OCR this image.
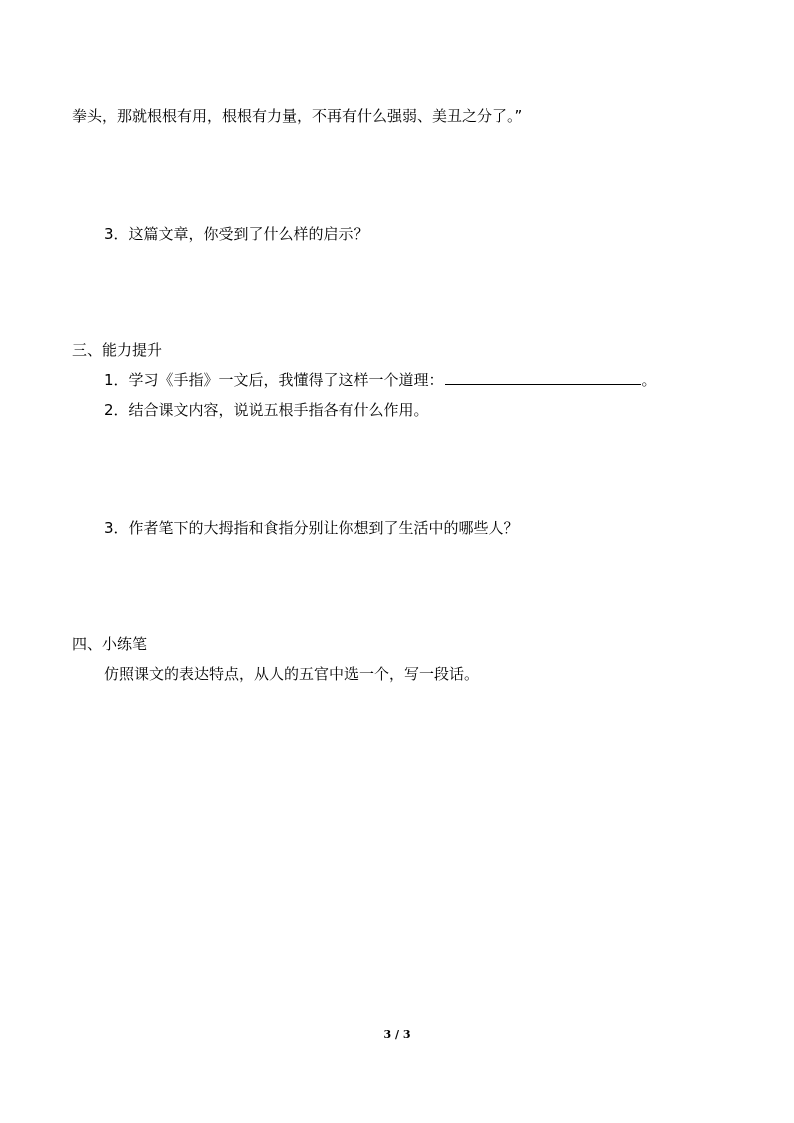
拳头，那就根根有用，根根有力量，不再有什么强弱、美丑之分了。”
3．这篇文章，你受到了什么样的启示？
三、能力提升
1．学习《手指》一文后，我懂得了这样一个道理：	。
2．结合课文内容，说说五根手指各有什么作用。
3．作者笔下的大拇指和食指分别让你想到了生活中的哪些人？
四、小练笔
仿照课文的表达特点，从人的五官中选一个，写一段话。
3 / 3
